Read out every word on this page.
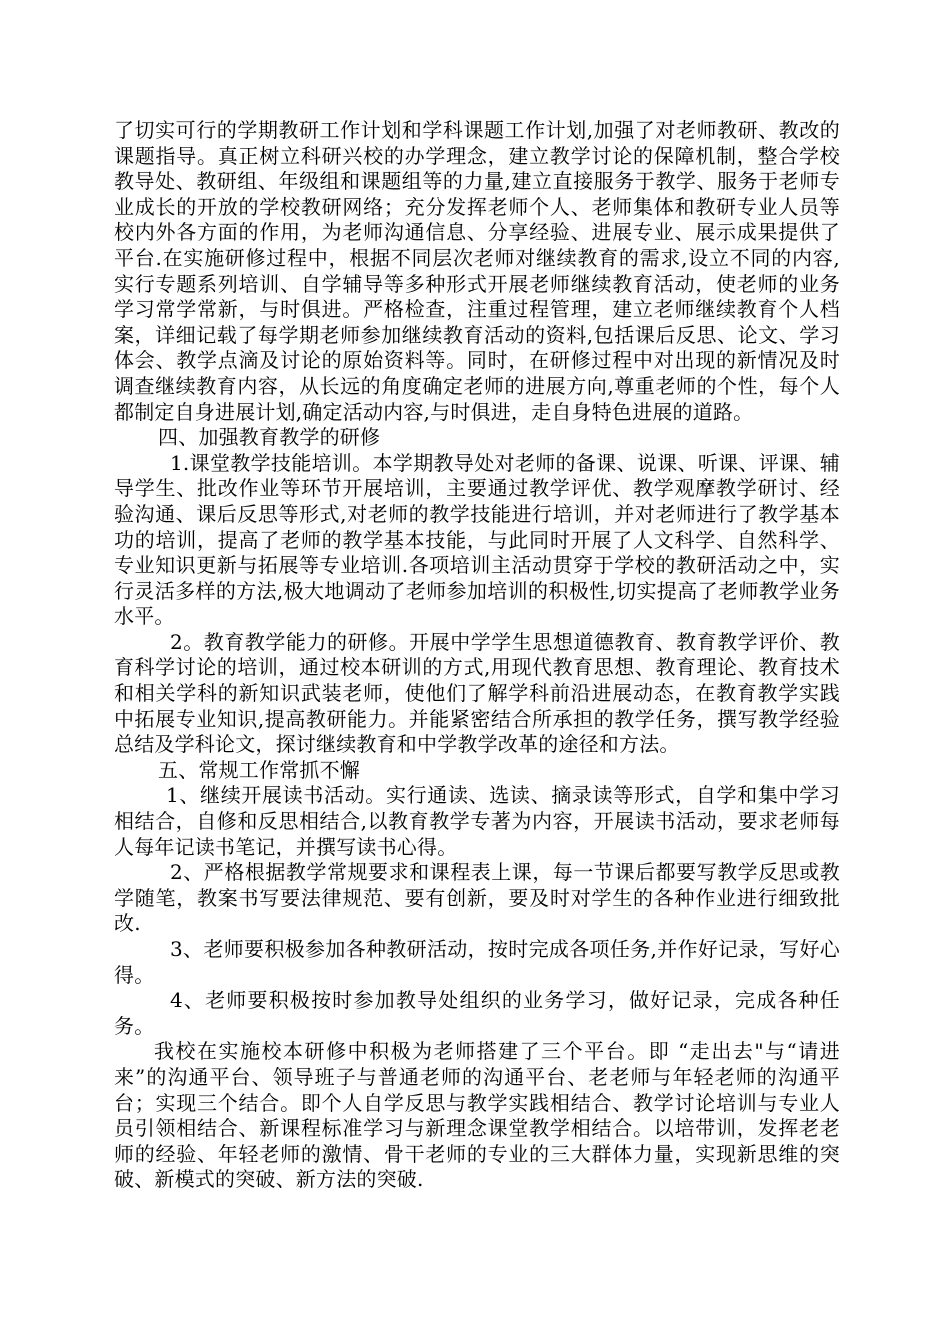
了切实可行的学期教研工作计划和学科课题工作计划,加强了对老师教研、教改的课题指导。真正树立科研兴校的办学理念，建立教学讨论的保障机制，整合学校教导处、教研组、年级组和课题组等的力量,建立直接服务于教学、服务于老师专业成长的开放的学校教研网络；充分发挥老师个人、老师集体和教研专业人员等校内外各方面的作用，为老师沟通信息、分享经验、进展专业、展示成果提供了平台.在实施研修过程中，根据不同层次老师对继续教育的需求,设立不同的内容,实行专题系列培训、自学辅导等多种形式开展老师继续教育活动，使老师的业务学习常学常新，与时俱进。严格检查，注重过程管理，建立老师继续教育个人档案，详细记载了每学期老师参加继续教育活动的资料,包括课后反思、论文、学习体会、教学点滴及讨论的原始资料等。同时，在研修过程中对出现的新情况及时调查继续教育内容，从长远的角度确定老师的进展方向,尊重老师的个性，每个人都制定自身进展计划,确定活动内容,与时俱进，走自身特色进展的道路。

四、加强教育教学的研修

1.课堂教学技能培训。本学期教导处对老师的备课、说课、听课、评课、辅导学生、批改作业等环节开展培训，主要通过教学评优、教学观摩教学研讨、经验沟通、课后反思等形式,对老师的教学技能进行培训，并对老师进行了教学基本功的培训，提高了老师的教学基本技能，与此同时开展了人文科学、自然科学、专业知识更新与拓展等专业培训.各项培训主活动贯穿于学校的教研活动之中，实行灵活多样的方法,极大地调动了老师参加培训的积极性,切实提高了老师教学业务水平。

2。教育教学能力的研修。开展中学学生思想道德教育、教育教学评价、教育科学讨论的培训，通过校本研训的方式,用现代教育思想、教育理论、教育技术和相关学科的新知识武装老师，使他们了解学科前沿进展动态，在教育教学实践中拓展专业知识,提高教研能力。并能紧密结合所承担的教学任务，撰写教学经验总结及学科论文，探讨继续教育和中学教学改革的途径和方法。

五、常规工作常抓不懈

1、继续开展读书活动。实行通读、选读、摘录读等形式，自学和集中学习相结合，自修和反思相结合,以教育教学专著为内容，开展读书活动，要求老师每人每年记读书笔记，并撰写读书心得。

2、严格根据教学常规要求和课程表上课，每一节课后都要写教学反思或教学随笔，教案书写要法律规范、要有创新，要及时对学生的各种作业进行细致批改.

3、老师要积极参加各种教研活动，按时完成各项任务,并作好记录，写好心得。

4、老师要积极按时参加教导处组织的业务学习，做好记录，完成各种任务。

我校在实施校本研修中积极为老师搭建了三个平台。即 “走出去"与“请进来”的沟通平台、领导班子与普通老师的沟通平台、老老师与年轻老师的沟通平台；实现三个结合。即个人自学反思与教学实践相结合、教学讨论培训与专业人员引领相结合、新课程标准学习与新理念课堂教学相结合。以培带训，发挥老老师的经验、年轻老师的激情、骨干老师的专业的三大群体力量，实现新思维的突破、新模式的突破、新方法的突破.
